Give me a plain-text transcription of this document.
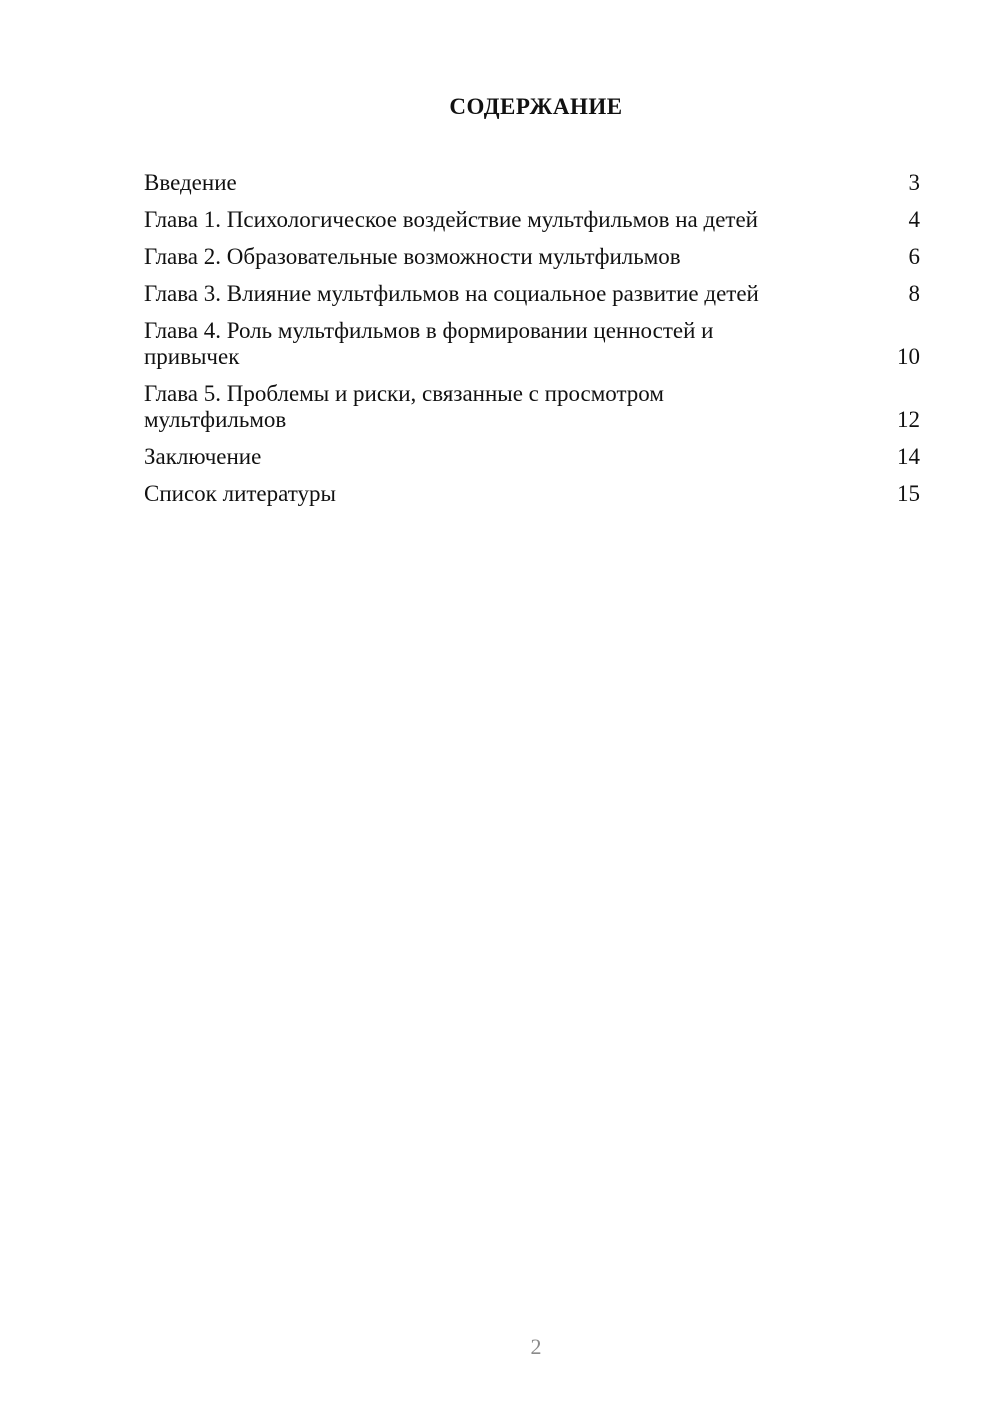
СОДЕРЖАНИЕ
Введение	3
Глава 1. Психологическое воздействие мультфильмов на детей	4
Глава 2. Образовательные возможности мультфильмов	6
Глава 3. Влияние мультфильмов на социальное развитие детей	8
Глава 4. Роль мультфильмов в формировании ценностей и привычек	10
Глава 5. Проблемы и риски, связанные с просмотром мультфильмов	12
Заключение	14
Список литературы	15
2
